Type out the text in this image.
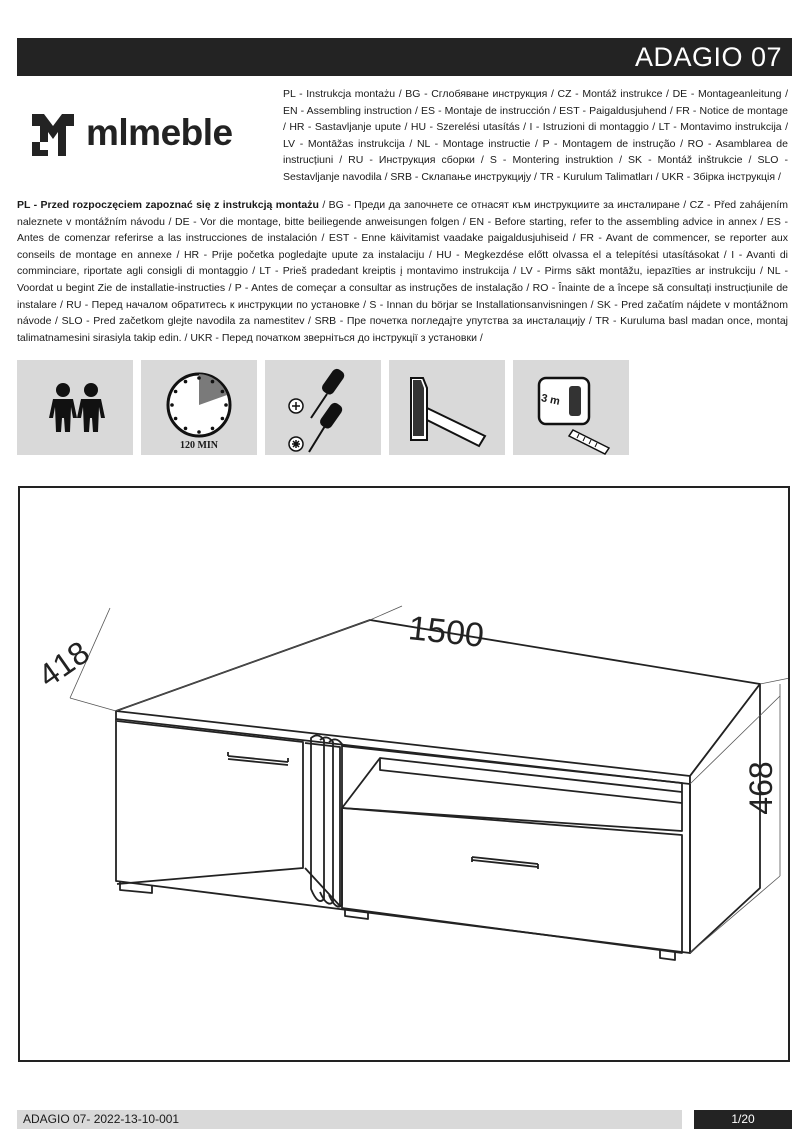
ADAGIO 07
mlmeble
PL - Instrukcja montażu / BG - Сглобяване инструкция / CZ - Montáž instrukce / DE - Montageanleitung / EN - Assembling instruction / ES - Montaje de instrucción / EST - Paigaldusjuhend / FR - Notice de montage / HR - Sastavljanje upute / HU - Szerelési utasítás / I - Istruzioni di montaggio / LT - Montavimo instrukcija / LV - Montāžas instrukcija / NL - Montage instructie / P - Montagem de instrução / RO - Asamblarea de instrucțiuni / RU - Инструкция сборки / S - Montering instruktion / SK - Montáž inštrukcie / SLO - Sestavljanje navodila / SRB - Склапање инструкцију / TR - Kurulum Talimatları / UKR - Збірка інструкція /
PL - Przed rozpoczęciem zapoznać się z instrukcją montażu / BG - Преди да започнете се отнасят към инструкциите за инсталиране / CZ - Před zahájením naleznete v montážním návodu / DE - Vor die montage, bitte beiliegende anweisungen folgen / EN - Before starting, refer to the assembling advice in annex / ES - Antes de comenzar referirse a las instrucciones de instalación / EST - Enne käivitamist vaadake paigaldusjuhiseid / FR - Avant de commencer, se reporter aux conseils de montage en annexe / HR - Prije početka pogledajte upute za instalaciju / HU - Megkezdése előtt olvassa el a telepítési utasításokat / I - Avanti di comminciare, riportate agli consigli di montaggio / LT - Prieš pradedant kreiptis į montavimo instrukcija / LV - Pirms sākt montāžu, iepazīties ar instrukciju / NL - Voordat u begint Zie de installatie-instructies / P - Antes de começar a consultar as instruções de instalação / RO - Înainte de a începe să consultați instrucțiunile de instalare / RU - Перед началом обратитесь к инструкции по установке / S - Innan du börjar se Installationsanvisningen / SK - Pred začatím nájdete v montážnom návode / SLO - Pred začetkom glejte navodila za namestitev / SRB - Пре почетка погледајте упутства за инсталацију / TR - Kuruluma basl madan once, montaj talimatnamesini sirasiyla takip edin. / UKR - Перед початком зверніться до інструкції з установки /
120 MIN
3 m
1500
418
468
ADAGIO 07- 2022-13-10-001	1/20
